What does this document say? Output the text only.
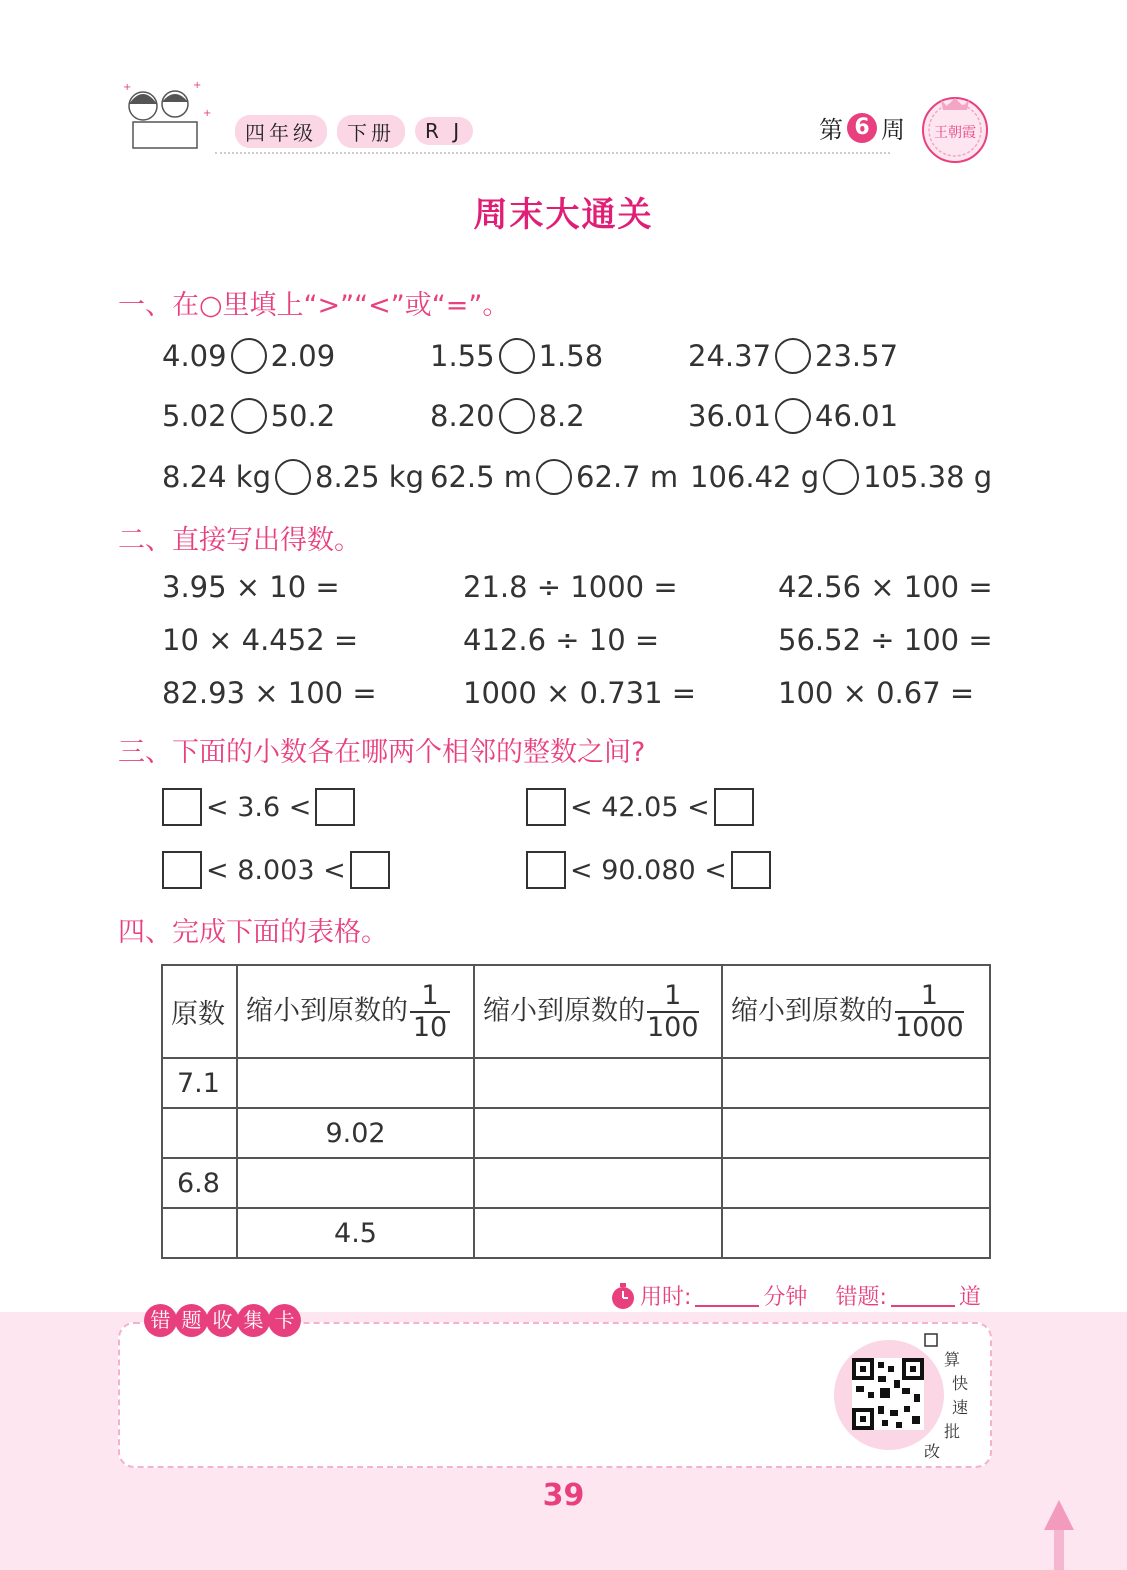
+	+
+
四年级	下册	R J	第 6 周 王朝霞
周末大通关
一、在○里填上“>”“<”或“=”。
4.09 2.09	1.55 1.58	24.37 23.57
5.02 50.2	8.20 8.2	36.01 46.01
8.24 kg 8.25 kg 62.5 m 62.7 m 106.42 g 105.38 g
二、直接写出得数。
3.95 × 10 =	21.8 ÷ 1000 =	42.56 × 100 =
10 × 4.452 =	412.6 ÷ 10 =	56.52 ÷ 100 =
82.93 × 100 =	1000 × 0.731 =	100 × 0.67 =
三、下面的小数各在哪两个相邻的整数之间?
< 3.6 <	< 42.05 <
< 8.003 <	< 90.080 <
四、完成下面的表格。
原数	缩小到原数的 $\frac{1}{10}$	缩小到原数的 $\frac{1}{100}$	缩小到原数的 $\frac{1}{1000}$

7.1			
	9.02		
6.8			
	4.5		
用时:	分钟 错题:	道
错 题 收 集 卡
算
快
速
批
改
39
